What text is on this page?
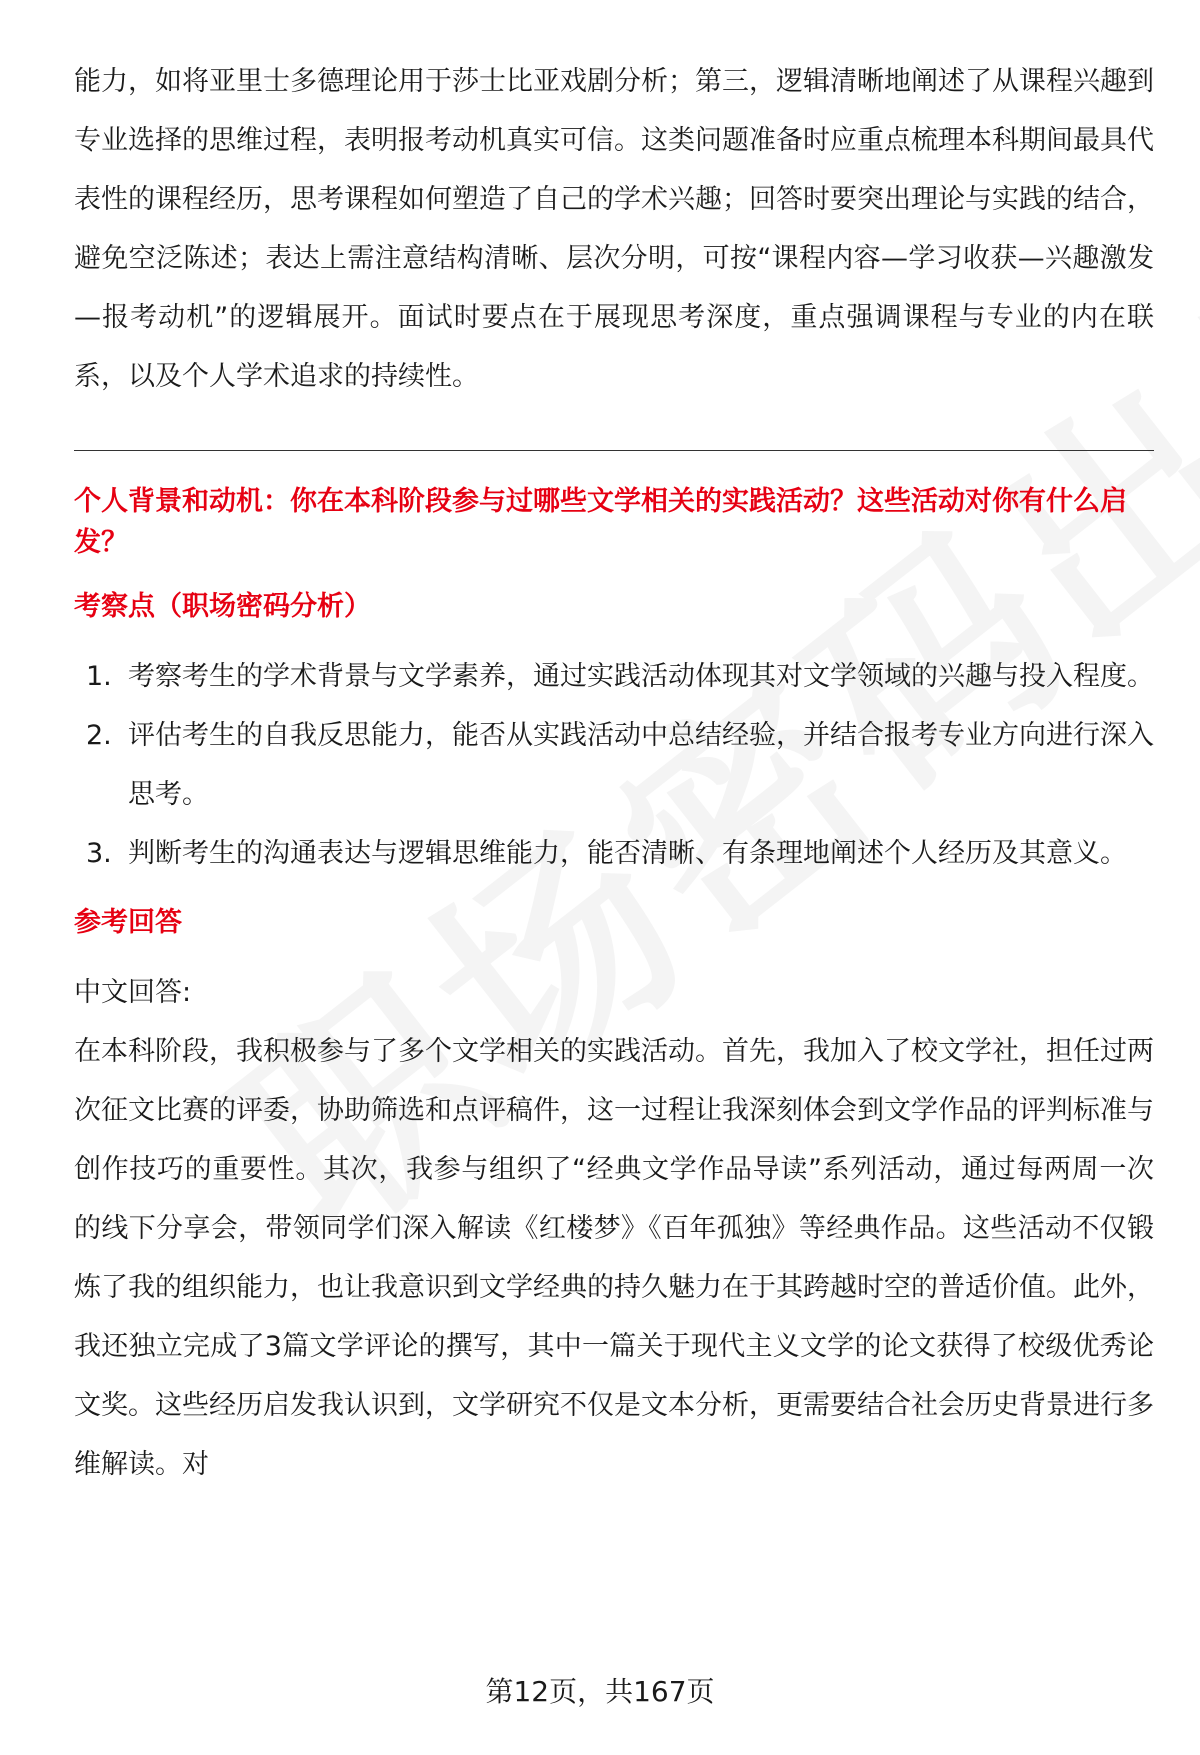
能力，如将亚里士多德理论用于莎士比亚戏剧分析；第三，逻辑清晰地阐述了从课程兴趣到专业选择的思维过程，表明报考动机真实可信。这类问题准备时应重点梳理本科期间最具代表性的课程经历，思考课程如何塑造了自己的学术兴趣；回答时要突出理论与实践的结合，避免空泛陈述；表达上需注意结构清晰、层次分明，可按“课程内容—学习收获—兴趣激发—报考动机”的逻辑展开。面试时要点在于展现思考深度，重点强调课程与专业的内在联系，以及个人学术追求的持续性。

个人背景和动机：你在本科阶段参与过哪些文学相关的实践活动？这些活动对你有什么启发？

考察点（职场密码分析）

1. 考察考生的学术背景与文学素养，通过实践活动体现其对文学领域的兴趣与投入程度。
2. 评估考生的自我反思能力，能否从实践活动中总结经验，并结合报考专业方向进行深入思考。
3. 判断考生的沟通表达与逻辑思维能力，能否清晰、有条理地阐述个人经历及其意义。

参考回答

中文回答:

在本科阶段，我积极参与了多个文学相关的实践活动。首先，我加入了校文学社，担任过两次征文比赛的评委，协助筛选和点评稿件，这一过程让我深刻体会到文学作品的评判标准与创作技巧的重要性。其次，我参与组织了“经典文学作品导读”系列活动，通过每两周一次的线下分享会，带领同学们深入解读《红楼梦》《百年孤独》等经典作品。这些活动不仅锻炼了我的组织能力，也让我意识到文学经典的持久魅力在于其跨越时空的普适价值。此外，我还独立完成了3篇文学评论的撰写，其中一篇关于现代主义文学的论文获得了校级优秀论文奖。这些经历启发我认识到，文学研究不仅是文本分析，更需要结合社会历史背景进行多维解读。对

第12页，共167页
